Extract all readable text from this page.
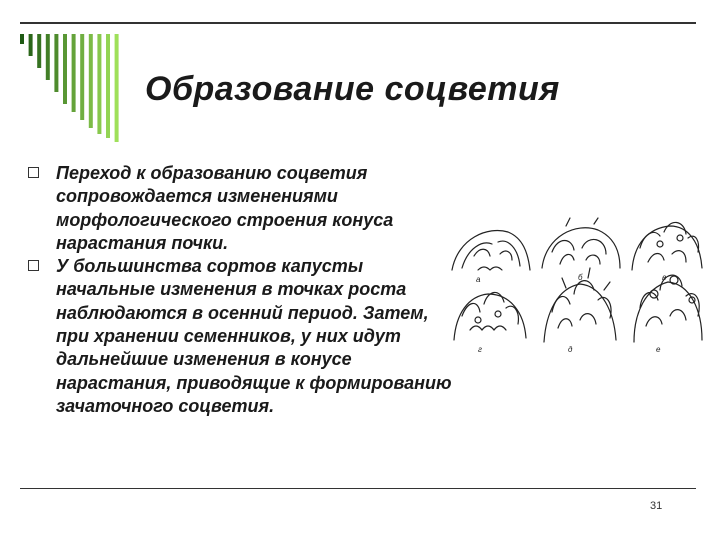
Образование соцветия
Переход к образованию соцветия сопровождается изменениями морфологического строения конуса нарастания почки.
У большинства сортов капусты начальные изменения в точках роста наблюдаются в осенний период. Затем, при хранении семенников, у них идут дальнейшие изменения в конусе нарастания, приводящие к формированию зачаточного соцветия.
а	б	в
г	д	е
31
